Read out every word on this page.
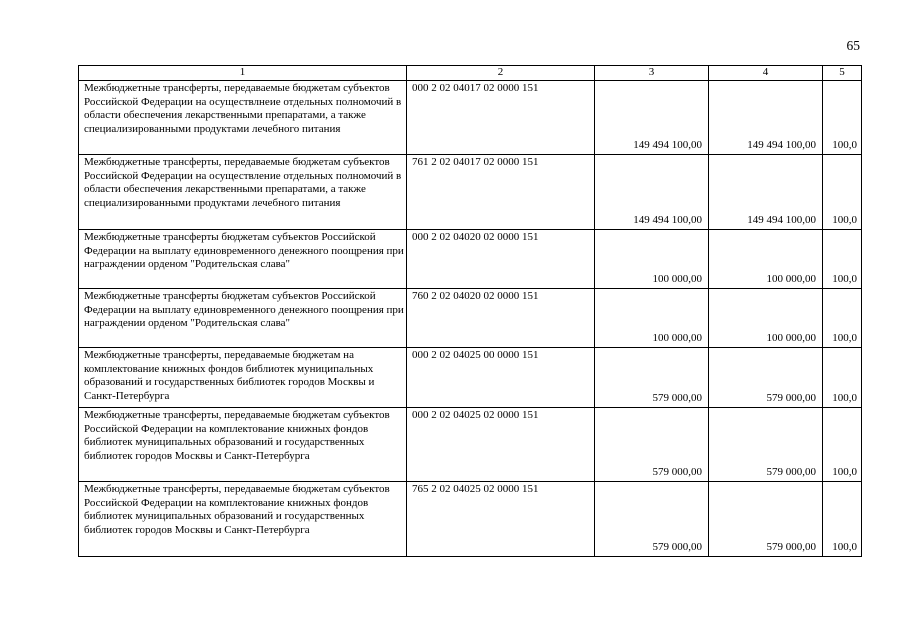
65
1	2	3	4	5
Межбюджетные трансферты, передаваемые бюджетам субъектов Российской Федерации на осуществлнеие отдельных полномочий в области обеспечения лекарственными препаратами, а также специализированными продуктами лечебного питания	000 2 02 04017 02 0000 151	149 494 100,00	149 494 100,00	100,0
Межбюджетные трансферты, передаваемые бюджетам субъектов Российской Федерации на осуществление отдельных полномочий в области обеспечения лекарственными препаратами, а также специализированными продуктами лечебного питания	761 2 02 04017 02 0000 151	149 494 100,00	149 494 100,00	100,0
Межбюджетные трансферты бюджетам субъектов Российской Федерации на выплату единовременного денежного поощрения при награждении орденом "Родительская слава"	000 2 02 04020 02 0000 151	100 000,00	100 000,00	100,0
Межбюджетные трансферты бюджетам субъектов Российской Федерации на выплату единовременного денежного поощрения при награждении орденом "Родительская слава"	760 2 02 04020 02 0000 151	100 000,00	100 000,00	100,0
Межбюджетные трансферты, передаваемые бюджетам на комплектование книжных фондов библиотек муниципальных образований и государственных библиотек городов Москвы и Санкт-Петербурга	000 2 02 04025 00 0000 151	579 000,00	579 000,00	100,0
Межбюджетные трансферты, передаваемые бюджетам субъектов Российской Федерации на комплектование книжных фондов библиотек муниципальных образований и государственных библиотек городов Москвы и Санкт-Петербурга	000 2 02 04025 02 0000 151	579 000,00	579 000,00	100,0
Межбюджетные трансферты, передаваемые бюджетам субъектов Российской Федерации на комплектование книжных фондов библиотек муниципальных образований и государственных библиотек городов Москвы и Санкт-Петербурга	765 2 02 04025 02 0000 151	579 000,00	579 000,00	100,0
